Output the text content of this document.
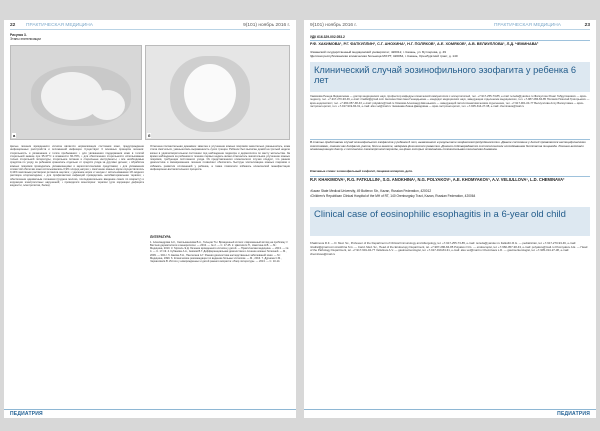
22 ПРАКТИЧЕСКАЯ МЕДИЦИНА	9(101) ноябрь 2016 г.
Рисунок 3.
Этапы эпителизации
а	б
Целью лечения врожденного ихтиоза является нормализация состояния кожи, предупреждение инфекционных расстройств и осложнений инфекции. Существует 3 основных принципа лечения: стерильность и увлажнение к тепла пребывания: • для увлажнения поддержания кожи в теплой стерильной кювезе при 35-37°С и влажности 60-70%, • для обеспечения стерильности использование только стерильной литературы, стерильное питание и стерильные инструменты; • все необходимые средства по уходу за ребенком хранились отдельно от средств ухода за другими детьми; • обработка кожных покровов проводилась увлажняющими и кератолитическими средствами; • для увлажнения слизистой оболочки кожи использовались 0,9% хлорид натрия; • смягчение кожных корок осуществлялось 0,44% масляным раствором ретинола ацетата; • удаление корок и чешуек с использованием 1% водного раствора хлоргексидина; • для профилактики инфекций проводилась антибактериальная терапия; • обеспечение адекватным питанием (грудное молоко, последовательное введение смеси по возрасту) и коррекция электролитных нарушений; • проводился мониторинг терапии (для коррекции дефицита жидкости, электролитов, белка).
Отмечена положительная динамика: заметна и улучшение кожных покровов значительно уменьшилось, кожа стала смягчаться, уменьшилась выраженность сухих трещин. Ребенок был выписан домой на третьей неделе жизни в удовлетворительном состоянии под наблюдение педиатра и дерматолога по месту жительства. За время наблюдения за ребенком в течение первых недель жизни отмечалось значительное улучшение кожных покровов, требующая постоянного ухода. Из представленного клинического случая следует, что ранняя диагностика и своевременное лечение позволяют обеспечить быструю эпителизацию кожных покровов и избежать развития осложнений у ребенка, а также позволили избежать клинической манифестации инфекционно-воспалительного процесса.
ЛИТЕРАТУРА
1. Александрова А.К., Смольянникова В.А., Гольцов Т.Н. Врожденный ихтиоз: современный взгляд на проблему // Вестник дерматологии и венерологии. — 2013. — № 2. — С. 17-25. 2. Цветков Н.П., Никитина Н.В. — М.: Медицина, 2010. 3. Гирсель Э.Д. Лечение врожденного ихтиоза у детей. — Практическая медицина. — 2013. — № 4. — С. 17-19. 4. Кубанова А.А., Акимов В.Г. Дифференциальная диагностика и лечение кожных болезней. — М., 2009. — 304 с. 5. Ежова Л.Н., Пантелеев А.Г. Ранняя диагностика наследственных заболеваний кожи. — М.: Медицина, 1999. 6. Клинические рекомендации по ведению больных ихтиозом. — М., 2013. 7. Дурнина С.М., Черкасова Е.В. Ихтиоз у новорожденных и детей раннего возраста: обзор литературы. — 2013. — С. 10-14.
ПЕДИАТРИЯ
9(101) ноябрь 2016 г.	ПРАКТИЧЕСКАЯ МЕДИЦИНА	23
УДК 616.329-002.053.2
Р.Ф. ХАКИМОВА¹, Р.Г. ФАТКУЛЛИН¹, С.Г. АНОХИНА¹, Н.Г. ПОЛЯКОВ¹, А.Е. ХОМЯКОВ¹, А.В. ВЕЛИУЛЛОВА¹, Л.Д. ЧЕМИНАВА²
¹Казанский государственный медицинский университет, 420012, г. Казань, ул. Бутлерова, д. 49
²Детская республиканская клиническая больница МЗ РТ, 420064, г. Казань, Оренбургский тракт, д. 140
Клинический случай эозинофильного эзофагита у ребенка 6 лет
Хакимова Резеда Фидаилевна — доктор медицинских наук, профессор кафедры клинической иммунологии с аллергологией, тел. +7-917-255-73-85, e-mail: rezeda@yandex.ru Фаткуллин Ринат Габдулхакович — врач-педиатр, тел. +7-917-270-93-46, e-mail: rinatfat@gmail.com Анохина Светлана Геннадьевна — кандидат медицинских наук, заведующая отделением медицинских, тел. +7-987-286-84-85 Поляков Николай Григорьевич — врач-эндоскопист, тел. +7-960-057-38-43, e-mail: polyakov@mail.ru Хомяков Александр Евгеньевич — заведующий патологоанатомическим отделением, тел. +7-917-901-04-77 Велиуллова Алсу Валиуловна — врач-гастроэнтеролог, тел. +7-917-919-84-31, e-mail: alsu.vel@mail.ru Чеминава Лиана Давидовна — врач-гастроэнтеролог, тел. +7-905-314-27-38, e-mail: cheminava@mail.ru
В статье представлен случай эозинофильного эзофагита у ребенка 6 лет, выявленного в результате эзофагогастродуоденоскопии. Данное состояние у детей проявляется неспецифическими симптомами, такими как дисфагия, рвота, боли в животе, задержка физического развития. Диагноз подтверждается гистологическим исследованием биоптатов пищевода. Лечение включало элиминационную диету и топические глюкокортикостероиды, на фоне которых отмечалась положительная клиническая динамика.
Ключевые слова: эозинофильный эзофагит, пищевая аллергия, дети.
R.F. KHAKIMOVA¹, R.G. FATKULLIN¹, S.G. ANOKHINA¹, N.G. POLYAKOV¹, A.E. KHOMYAKOV¹, A.V. VELIULLOVA¹, L.D. CHEMINAVA²
¹Kazan State Medical University, 49 Butlerov Str., Kazan, Russian Federation, 420012
²Children's Republican Clinical Hospital of the MH of RT, 140 Orenburgsky Tract, Kazan, Russian Federation, 420064
Clinical case of eosinophilic esophagitis in a 6-year old child
Khakimova R.F. — D. Med. Sc., Professor of the Department of Clinical Immunology and Allergology, tel. +7-917-255-73-85, e-mail: rezeda@yandex.ru Fatkullin R.G. — pediatrician, tel. +7-917-270-93-46, e-mail: rinatfat@gmail.com Anokhina S.G. — Cand. Med. Sc., Head of the Endoscopy Department, tel. +7-987-286-84-85 Polyakov N.G. — endoscopist, tel. +7-960-057-38-43, e-mail: polyakov@mail.ru Khomyakov A.E. — Head of the Pathology Department, tel. +7-917-901-04-77 Veliullova A.V. — gastroenterologist, tel. +7-917-919-84-31, e-mail: alsu.vel@mail.ru Cheminava L.D. — gastroenterologist, tel. +7-905-314-27-38, e-mail: cheminava@mail.ru
ПЕДИАТРИЯ
